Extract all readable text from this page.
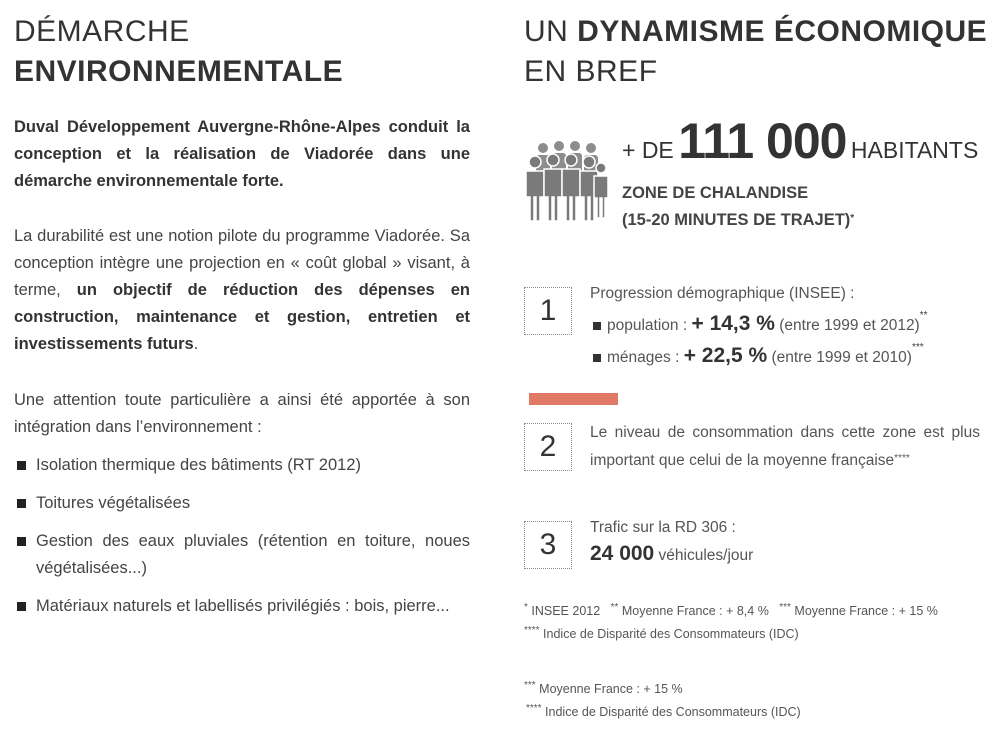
DÉMARCHE
ENVIRONNEMENTALE
Duval Développement Auvergne-Rhône-Alpes conduit la conception et la réalisation de Viadorée dans une démarche environnementale forte.
La durabilité est une notion pilote du programme Viadorée. Sa conception intègre une projection en « coût global » visant, à terme, un objectif de réduction des dépenses en construction, maintenance et gestion, entretien et investissements futurs.
Une attention toute particulière a ainsi été apportée à son intégration dans l’environnement :
Isolation thermique des bâtiments (RT 2012)
Toitures végétalisées
Gestion des eaux pluviales (rétention en toiture, noues végétalisées...)
Matériaux naturels et labellisés privilégiés : bois, pierre...
UN DYNAMISME ÉCONOMIQUE
EN BREF
+ DE 111 000 HABITANTS
ZONE DE CHALANDISE
(15-20 MINUTES DE TRAJET)*
1
Progression démographique (INSEE) :
population : + 14,3 % (entre 1999 et 2012)**
ménages : + 22,5 % (entre 1999 et 2010)***
2	Le niveau de consommation dans cette zone est plus important que celui de la moyenne française****
3
Trafic sur la RD 306 :
24 000 véhicules/jour
* INSEE 2012 ** Moyenne France : + 8,4 % *** Moyenne France : + 15 %
**** Indice de Disparité des Consommateurs (IDC)
*** Moyenne France : + 15 %
**** Indice de Disparité des Consommateurs (IDC)
